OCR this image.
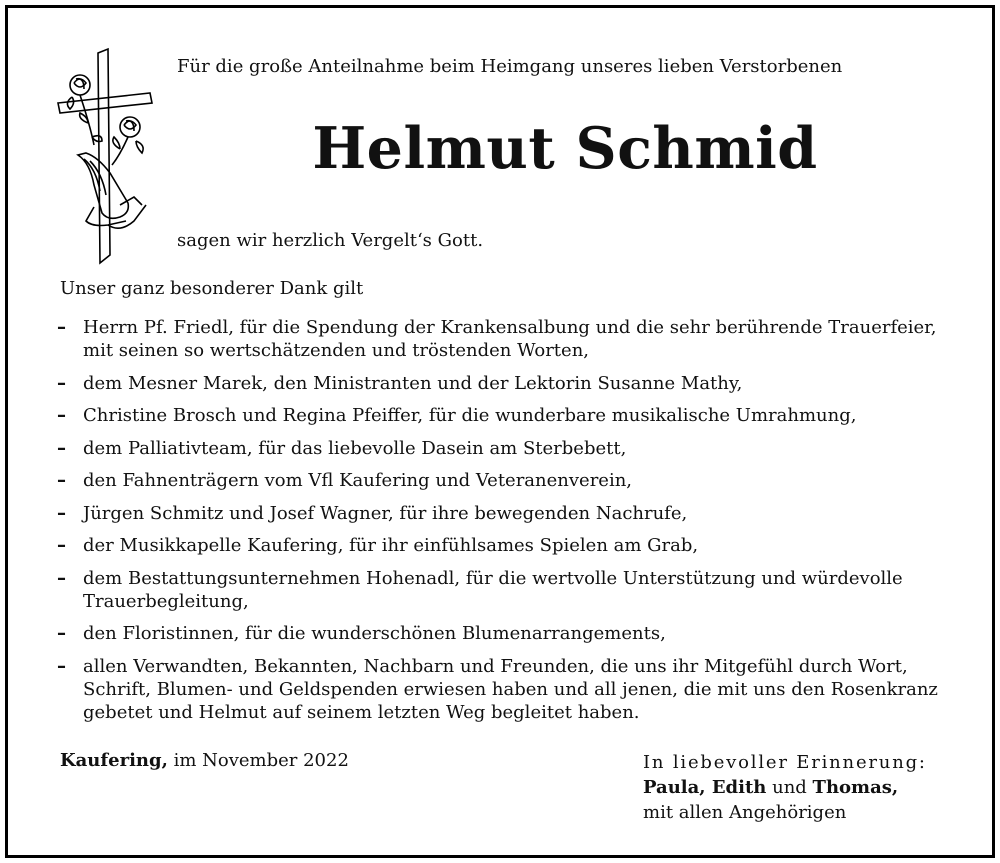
Für die große Anteilnahme beim Heimgang unseres lieben Verstorbenen
Helmut Schmid
sagen wir herzlich Vergelt‘s Gott.
Unser ganz besonderer Dank gilt
– Herrn Pf. Friedl, für die Spendung der Krankensalbung und die sehr berührende Trauerfeier, mit seinen so wertschätzenden und tröstenden Worten,
– dem Mesner Marek, den Ministranten und der Lektorin Susanne Mathy,
– Christine Brosch und Regina Pfeiffer, für die wunderbare musikalische Umrahmung,
– dem Palliativteam, für das liebevolle Dasein am Sterbebett,
– den Fahnenträgern vom Vfl Kaufering und Veteranenverein,
– Jürgen Schmitz und Josef Wagner, für ihre bewegenden Nachrufe,
– der Musikkapelle Kaufering, für ihr einfühlsames Spielen am Grab,
– dem Bestattungsunternehmen Hohenadl, für die wertvolle Unterstützung und würdevolle Trauerbegleitung,
– den Floristinnen, für die wunderschönen Blumenarrangements,
– allen Verwandten, Bekannten, Nachbarn und Freunden, die uns ihr Mitgefühl durch Wort, Schrift, Blumen- und Geldspenden erwiesen haben und all jenen, die mit uns den Rosenkranz gebetet und Helmut auf seinem letzten Weg begleitet haben.
Kaufering, im November 2022	In liebevoller Erinnerung:
Paula, Edith und Thomas,
mit allen Angehörigen
